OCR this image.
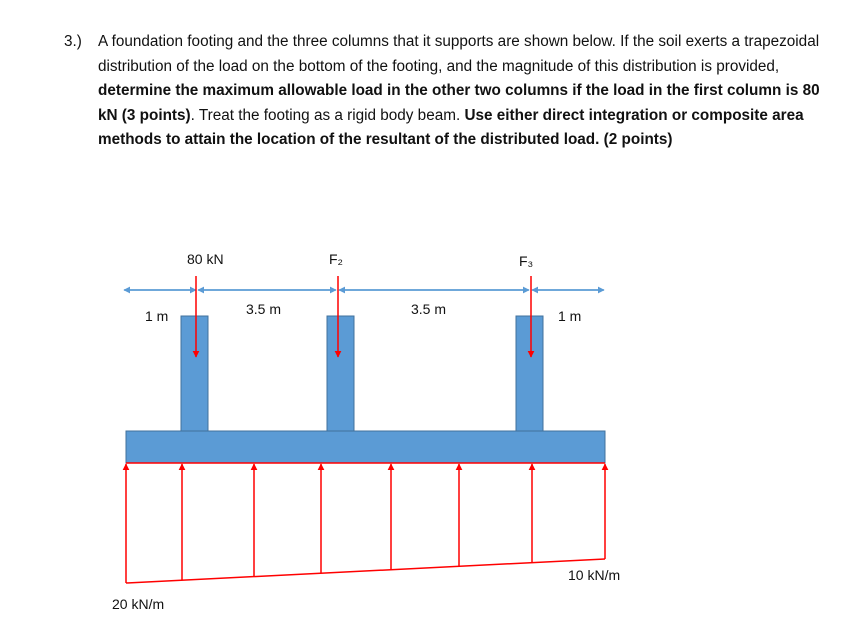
3.) A foundation footing and the three columns that it supports are shown below. If the soil exerts a trapezoidal distribution of the load on the bottom of the footing, and the magnitude of this distribution is provided, determine the maximum allowable load in the other two columns if the load in the first column is 80 kN (3 points). Treat the footing as a rigid body beam. Use either direct integration or composite area methods to attain the location of the resultant of the distributed load. (2 points)
80 kN	F₂	F₃
1 m	3.5 m	3.5 m	1 m
20 kN/m
10 kN/m
